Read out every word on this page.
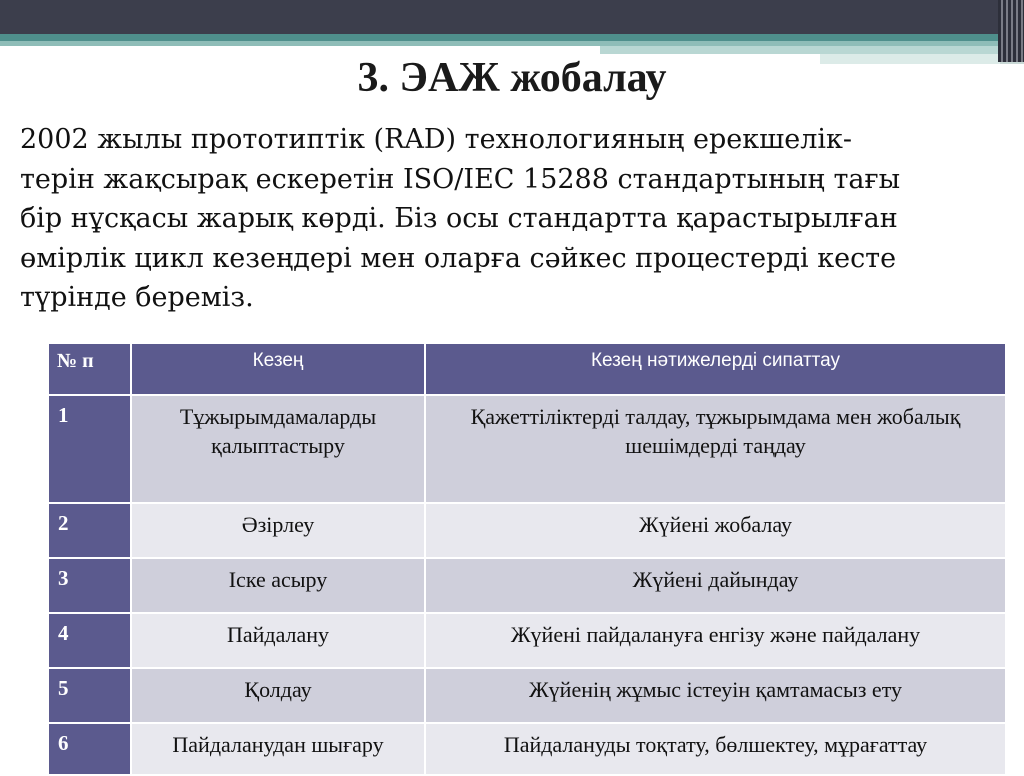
3. ЭАЖ жобалау
2002 жылы прототиптік (RAD) технологияның ерекшелік-
терін жақсырақ ескеретін ISO/IEC 15288 стандартының тағы
бір нұсқасы жарық көрді. Біз осы стандартта қарастырылған
өмірлік цикл кезеңдері мен оларға сәйкес процестерді кесте
түрінде береміз.
№ п	Кезең	Кезең нәтижелерді сипаттау
1	Тұжырымдамаларды қалыптастыру	Қажеттіліктерді талдау, тұжырымдама мен жобалық шешімдерді таңдау
2	Әзірлеу	Жүйені жобалау
3	Іске асыру	Жүйені дайындау
4	Пайдалану	Жүйені пайдалануға енгізу және пайдалану
5	Қолдау	Жүйенің жұмыс істеуін қамтамасыз ету
6	Пайдаланудан шығару	Пайдалануды тоқтату, бөлшектеу, мұрағаттау
